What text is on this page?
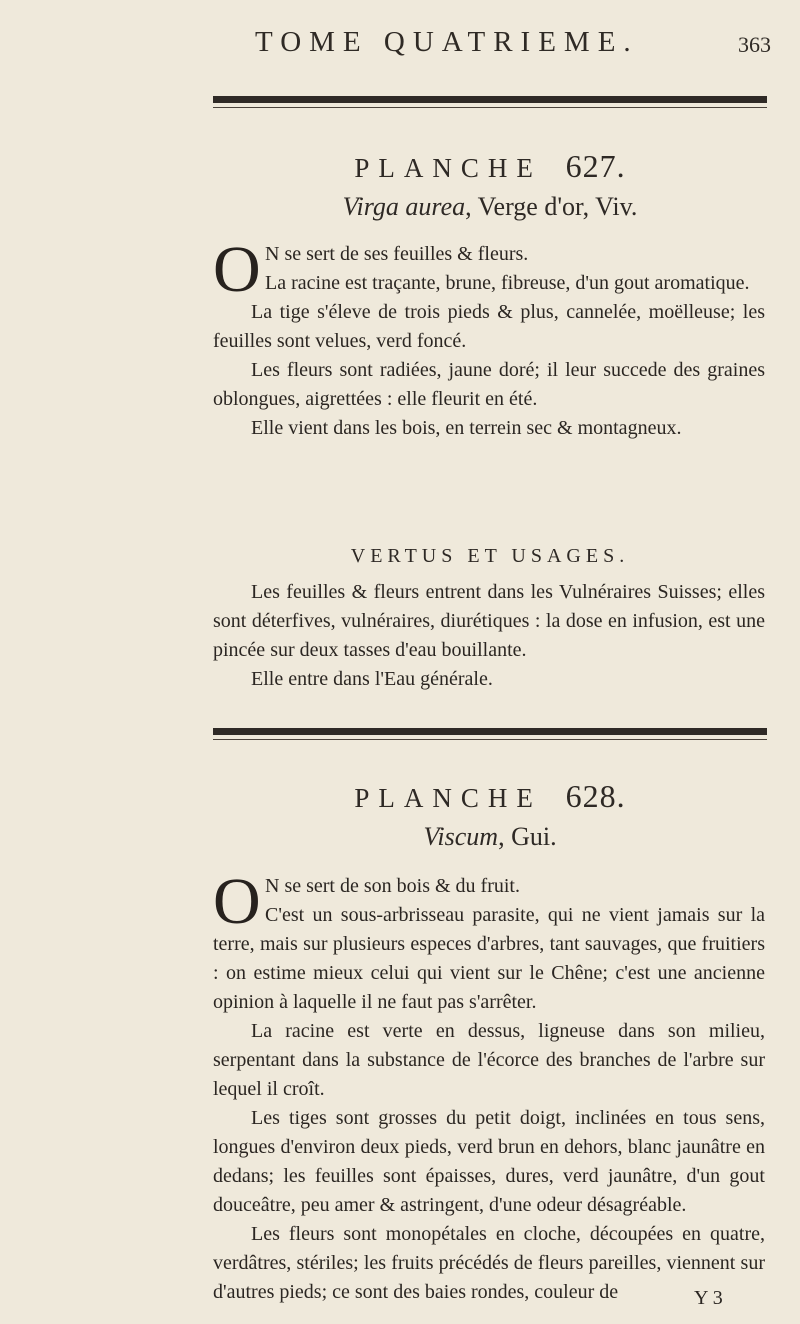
TOME QUATRIEME.	363
PLANCHE 627.
Virga aurea, Verge d'or, Viv.

O N se sert de ses feuilles & fleurs.

La racine est traçante, brune, fibreuse, d'un gout aromatique.

La tige s'éleve de trois pieds & plus, cannelée, moëlleuse; les feuilles sont velues, verd foncé.

Les fleurs sont radiées, jaune doré; il leur succede des graines oblongues, aigrettées : elle fleurit en été.

Elle vient dans les bois, en terrein sec & montagneux.

VERTUS ET USAGES.

Les feuilles & fleurs entrent dans les Vulnéraires Suisses; elles sont déterfives, vulnéraires, diurétiques : la dose en infusion, est une pincée sur deux tasses d'eau bouillante.

Elle entre dans l'Eau générale.

PLANCHE 628.
Viscum, Gui.

O N se sert de son bois & du fruit.

C'est un sous-arbrisseau parasite, qui ne vient jamais sur la terre, mais sur plusieurs especes d'arbres, tant sauvages, que fruitiers : on estime mieux celui qui vient sur le Chêne; c'est une ancienne opinion à laquelle il ne faut pas s'arrêter.

La racine est verte en dessus, ligneuse dans son milieu, serpentant dans la substance de l'écorce des branches de l'arbre sur lequel il croît.

Les tiges sont grosses du petit doigt, inclinées en tous sens, longues d'environ deux pieds, verd brun en dehors, blanc jaunâtre en dedans; les feuilles sont épaisses, dures, verd jaunâtre, d'un gout douceâtre, peu amer & astringent, d'une odeur désagréable.

Les fleurs sont monopétales en cloche, découpées en quatre, verdâtres, stériles; les fruits précédés de fleurs pareilles, viennent sur d'autres pieds; ce sont des baies rondes, couleur de	Y 3
